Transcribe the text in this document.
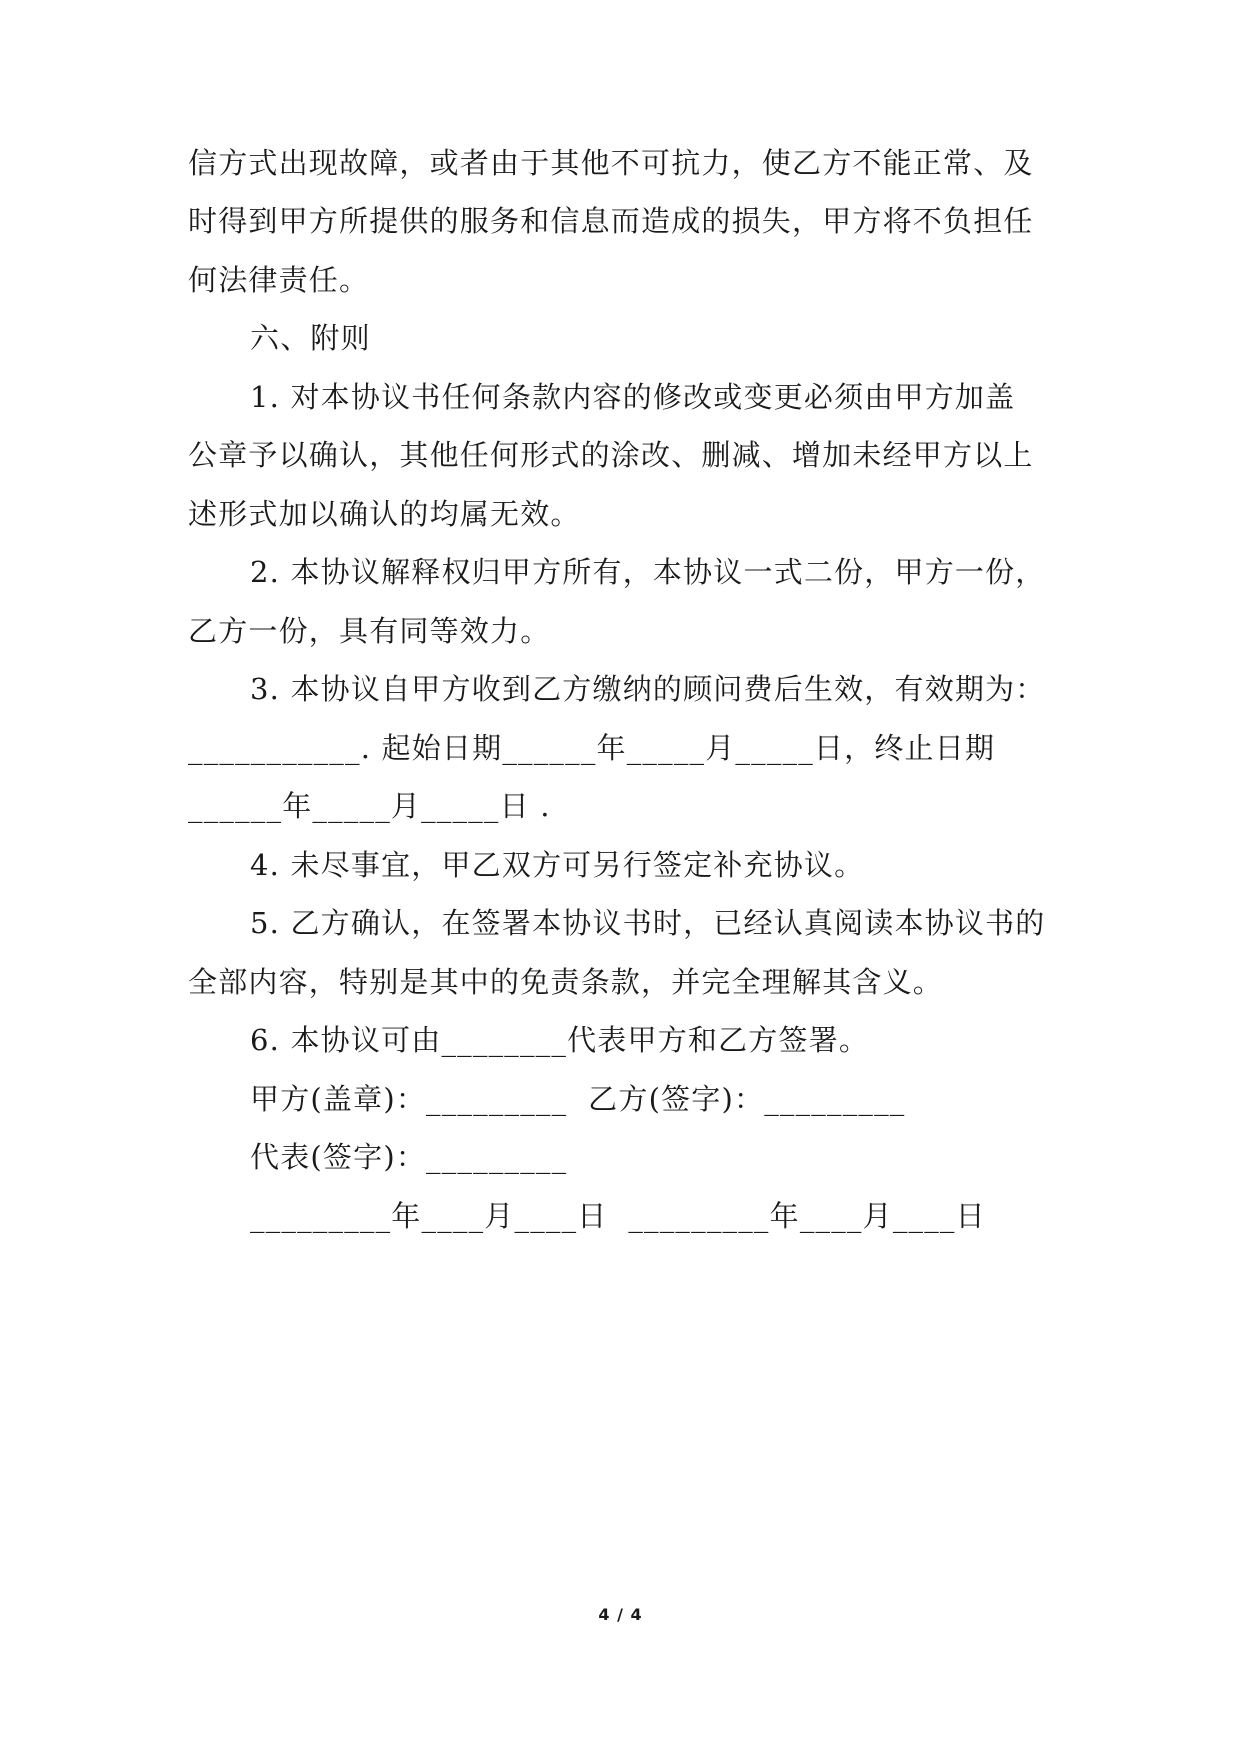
信方式出现故障，或者由于其他不可抗力，使乙方不能正常、及
时得到甲方所提供的服务和信息而造成的损失，甲方将不负担任
何法律责任。
六、附则
1. 对本协议书任何条款内容的修改或变更必须由甲方加盖
公章予以确认，其他任何形式的涂改、删减、增加未经甲方以上
述形式加以确认的均属无效。
2. 本协议解释权归甲方所有，本协议一式二份，甲方一份，
乙方一份，具有同等效力。
3. 本协议自甲方收到乙方缴纳的顾问费后生效，有效期为：
___________. 起始日期______年_____月_____日，终止日期
______年_____月_____日 .
4. 未尽事宜，甲乙双方可另行签定补充协议。
5. 乙方确认，在签署本协议书时，已经认真阅读本协议书的
全部内容，特别是其中的免责条款，并完全理解其含义。
6. 本协议可由________代表甲方和乙方签署。
甲方(盖章)：_________  乙方(签字)：_________
代表(签字)：_________
_________年____月____日  _________年____月____日
4 / 4
